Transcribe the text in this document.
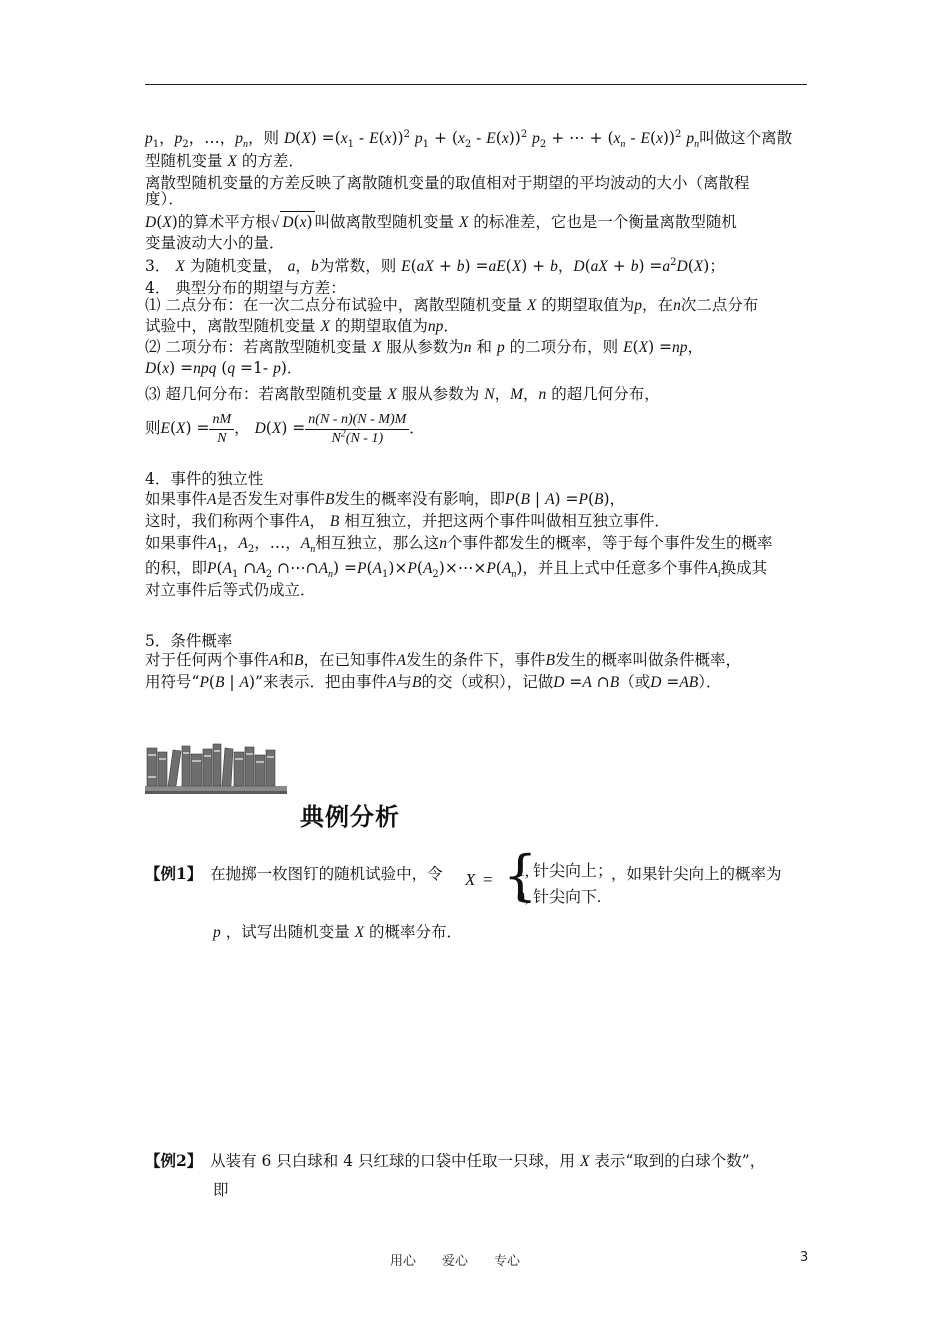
$p_1$，$p_2$，…，$p_n$，则 $D(X) =(x_1 - E(x))^2$ $p_1 + (x_2 - E(x))^2$ $p_2$ + ⋯ + $(x_n - E(x))^2$ $p_n$叫做这个离散
型随机变量 X 的方差．
离散型随机变量的方差反映了离散随机变量的取值相对于期望的平均波动的大小（离散程
度）．
D(X)的算术平方根√ D(x) 叫做离散型随机变量 X 的标准差，它也是一个衡量离散型随机
变量波动大小的量．
3． X 为随机变量， a，b为常数，则 E(aX + b) =aE(X) + b，$D(aX + b) =a^2D(X)$；
4． 典型分布的期望与方差：
⑴ 二点分布：在一次二点分布试验中，离散型随机变量 X 的期望取值为p，在n次二点分布
试验中，离散型随机变量 X 的期望取值为np．
⑵ 二项分布：若离散型随机变量 X 服从参数为n 和 p 的二项分布，则 E(X) =np，
D(x) =npq (q =1- p)．
⑶ 超几何分布：若离散型随机变量 X 服从参数为 N，M，n 的超几何分布，
则$E(X) = \frac{nM}{N}$ ， $D(X) = \frac{n(N - n)(N - M)M}{N^2(N - 1)}$ ．
4．事件的独立性
如果事件A是否发生对事件B发生的概率没有影响，即P(B | A) =P(B)，
这时，我们称两个事件A， B 相互独立，并把这两个事件叫做相互独立事件．
如果事件$A_1$，$A_2$，…，$A_n$相互独立，那么这n个事件都发生的概率，等于每个事件发生的概率
的积，即$P(A_1$ $\cap A_2$ $\cap\cdots\cap A_n$) $=P(A_1)\times P(A_2)\times\cdots\times P(A_n)$，并且上式中任意多个事件$A_i$换成其
对立事件后等式仍成立．
5．条件概率
对于任何两个事件A和B，在已知事件A发生的条件下，事件B发生的概率叫做条件概率，
用符号“P(B | A)”来表示．把由事件A与B的交（或积），记做D =A ∩B（或D =AB）．
典例分析
【例1】　 在抛掷一枚图钉的随机试验中，令	X = {
1, 针尖向上；
0, 针尖向下.
，如果针尖向上的概率为
p ，试写出随机变量 X 的概率分布．
【例2】　 从装有 6 只白球和 4 只红球的口袋中任取一只球，用 X 表示“取到的白球个数”，
即
用心　　爱心　　专心	3
